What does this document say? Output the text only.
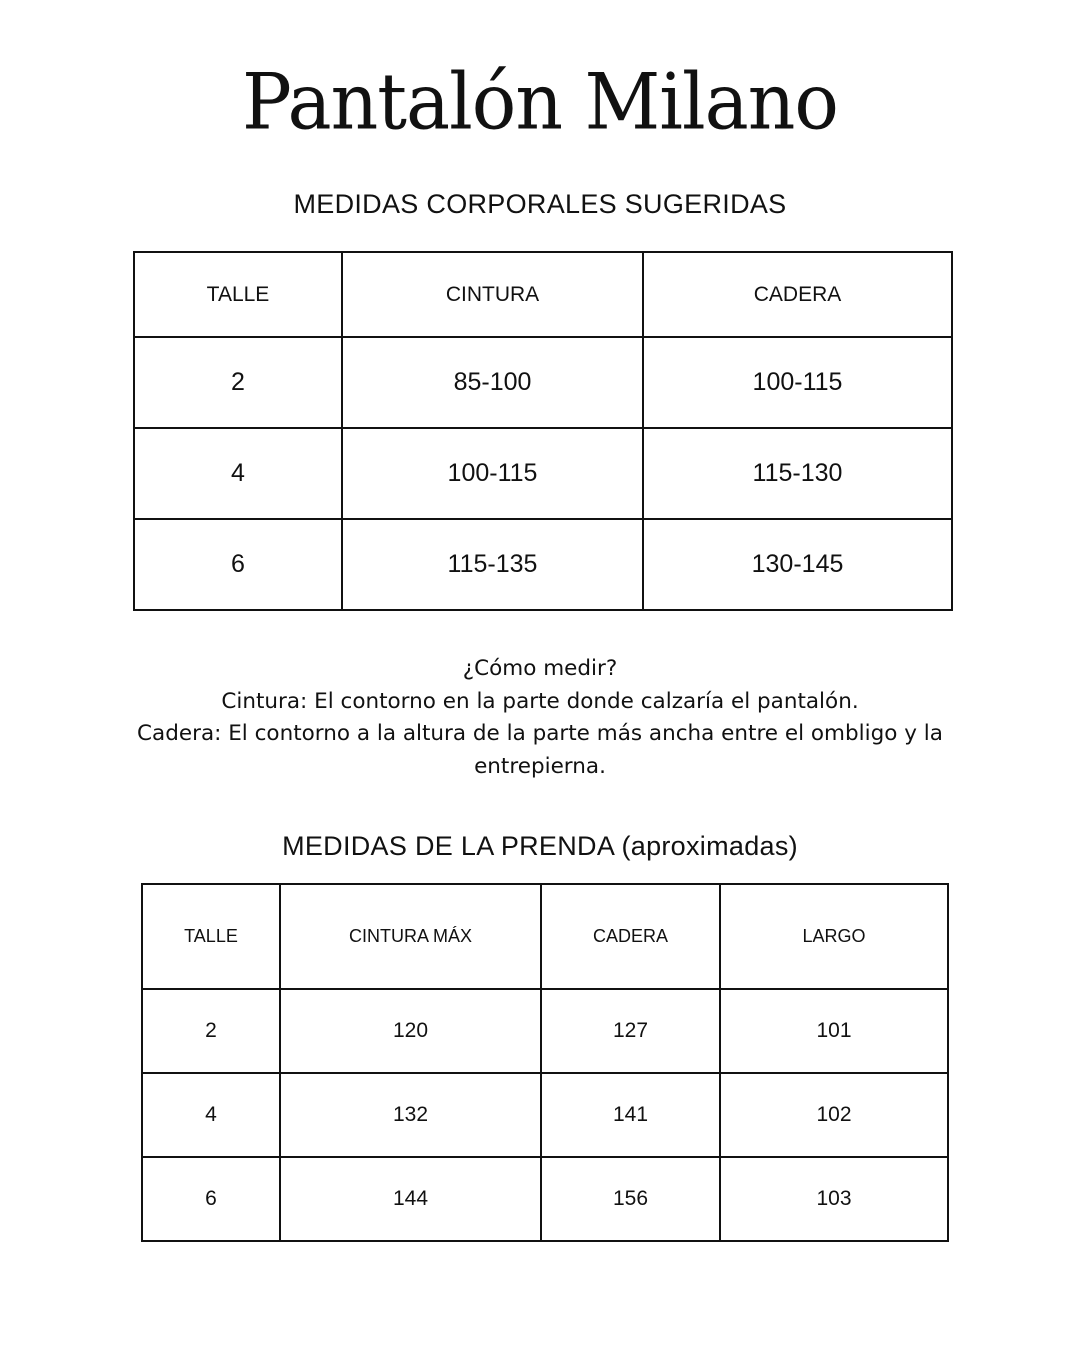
Pantalón Milano
MEDIDAS CORPORALES SUGERIDAS
TALLE	CINTURA	CADERA
2	85-100	100-115
4	100-115	115-130
6	115-135	130-145

¿Cómo medir?

Cintura: El contorno en la parte donde calzaría el pantalón.

Cadera: El contorno a la altura de la parte más ancha entre el ombligo y la entrepierna.

MEDIDAS DE LA PRENDA (aproximadas)
TALLE	CINTURA MÁX	CADERA	LARGO
2	120	127	101
4	132	141	102
6	144	156	103
